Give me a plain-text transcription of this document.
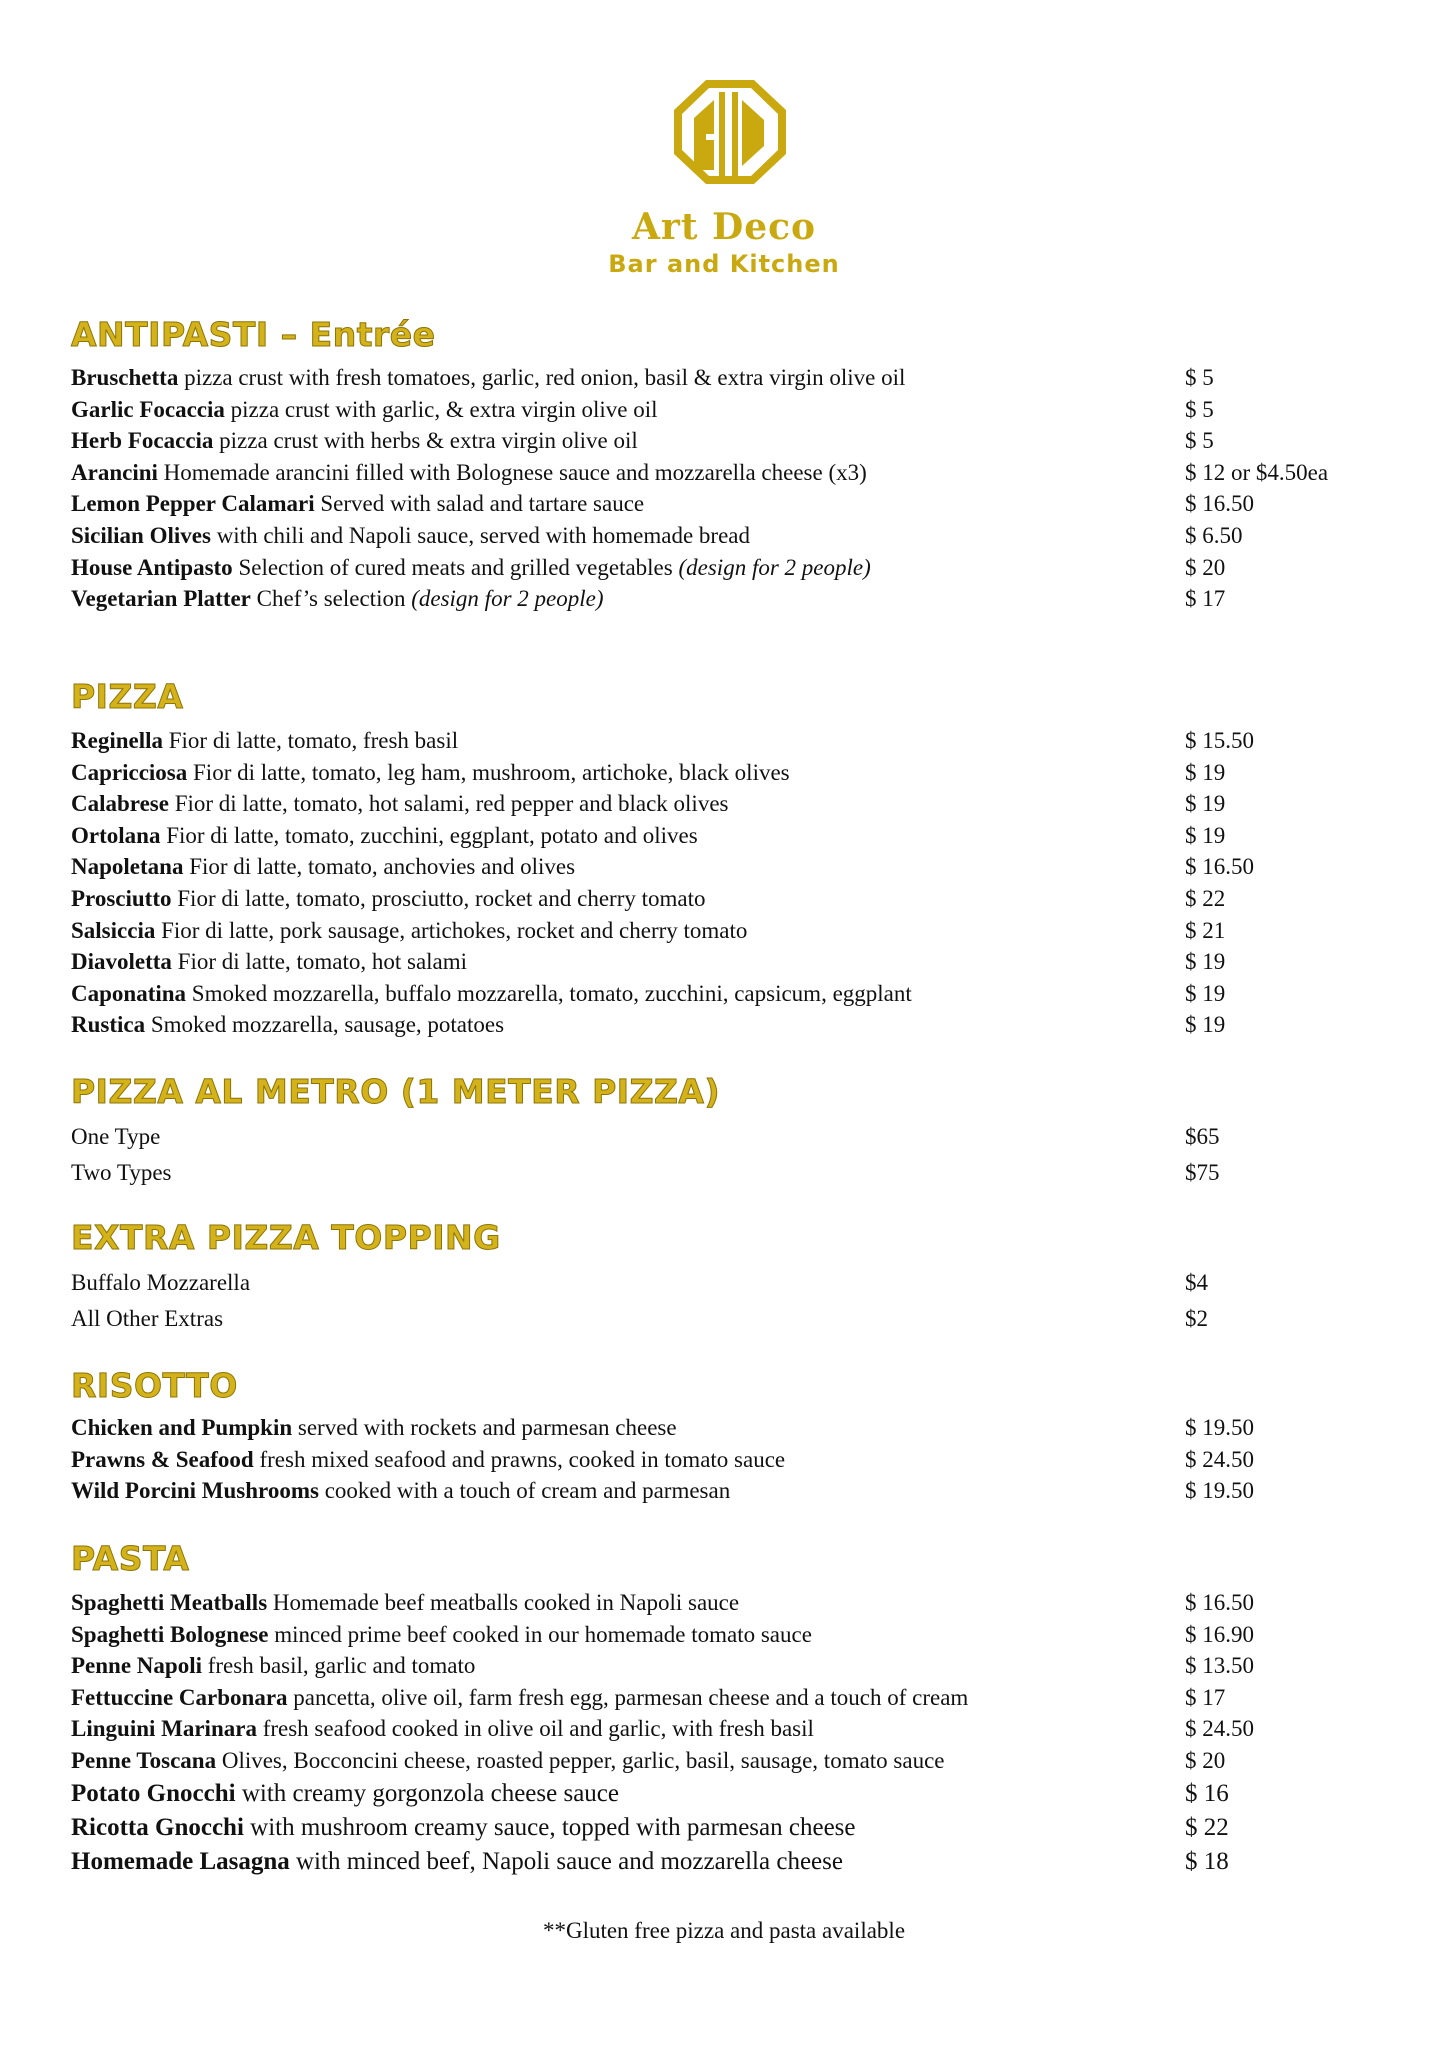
Art Deco
Bar and Kitchen
ANTIPASTI – Entrée
Bruschetta pizza crust with fresh tomatoes, garlic, red onion, basil & extra virgin olive oil	$ 5
Garlic Focaccia pizza crust with garlic, & extra virgin olive oil	$ 5
Herb Focaccia pizza crust with herbs & extra virgin olive oil	$ 5
Arancini Homemade arancini filled with Bolognese sauce and mozzarella cheese (x3)	$ 12 or $4.50ea
Lemon Pepper Calamari Served with salad and tartare sauce	$ 16.50
Sicilian Olives with chili and Napoli sauce, served with homemade bread	$ 6.50
House Antipasto Selection of cured meats and grilled vegetables (design for 2 people)	$ 20
Vegetarian Platter Chef’s selection (design for 2 people)	$ 17
PIZZA
Reginella Fior di latte, tomato, fresh basil	$ 15.50
Capricciosa Fior di latte, tomato, leg ham, mushroom, artichoke, black olives	$ 19
Calabrese Fior di latte, tomato, hot salami, red pepper and black olives	$ 19
Ortolana Fior di latte, tomato, zucchini, eggplant, potato and olives	$ 19
Napoletana Fior di latte, tomato, anchovies and olives	$ 16.50
Prosciutto Fior di latte, tomato, prosciutto, rocket and cherry tomato	$ 22
Salsiccia Fior di latte, pork sausage, artichokes, rocket and cherry tomato	$ 21
Diavoletta Fior di latte, tomato, hot salami	$ 19
Caponatina Smoked mozzarella, buffalo mozzarella, tomato, zucchini, capsicum, eggplant	$ 19
Rustica Smoked mozzarella, sausage, potatoes	$ 19
PIZZA AL METRO (1 METER PIZZA)
One Type	$65
Two Types	$75
EXTRA PIZZA TOPPING
Buffalo Mozzarella	$4
All Other Extras	$2
RISOTTO
Chicken and Pumpkin served with rockets and parmesan cheese	$ 19.50
Prawns & Seafood fresh mixed seafood and prawns, cooked in tomato sauce	$ 24.50
Wild Porcini Mushrooms cooked with a touch of cream and parmesan	$ 19.50
PASTA
Spaghetti Meatballs Homemade beef meatballs cooked in Napoli sauce	$ 16.50
Spaghetti Bolognese minced prime beef cooked in our homemade tomato sauce	$ 16.90
Penne Napoli fresh basil, garlic and tomato	$ 13.50
Fettuccine Carbonara pancetta, olive oil, farm fresh egg, parmesan cheese and a touch of cream	$ 17
Linguini Marinara fresh seafood cooked in olive oil and garlic, with fresh basil	$ 24.50
Penne Toscana Olives, Bocconcini cheese, roasted pepper, garlic, basil, sausage, tomato sauce	$ 20
Potato Gnocchi with creamy gorgonzola cheese sauce	$ 16
Ricotta Gnocchi with mushroom creamy sauce, topped with parmesan cheese	$ 22
Homemade Lasagna with minced beef, Napoli sauce and mozzarella cheese	$ 18
**Gluten free pizza and pasta available
